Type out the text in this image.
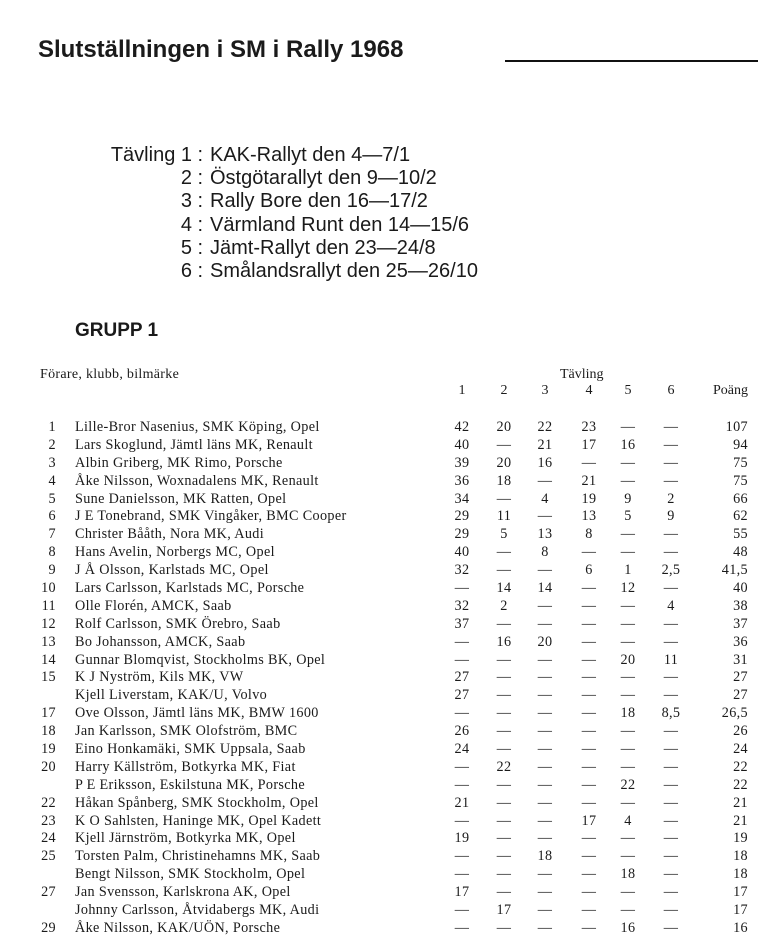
Slutställningen i SM i Rally 1968
Tävling 1 : KAK-Rallyt den 4—7/1
2 : Östgötarallyt den 9—10/2
3 : Rally Bore den 16—17/2
4 : Värmland Runt den 14—15/6
5 : Jämt-Rallyt den 23—24/8
6 : Smålandsrallyt den 25—26/10
GRUPP 1
Förare, klubb, bilmärke	Tävling
1	2	3	4	5	6	Poäng
1 Lille-Bror Nasenius, SMK Köping, Opel	42	20	22	23	—	—	107
2 Lars Skoglund, Jämtl läns MK, Renault	40	—	21	17	16	—	94
3 Albin Griberg, MK Rimo, Porsche	39	20	16	—	—	—	75
4 Åke Nilsson, Woxnadalens MK, Renault	36	18	—	21	—	—	75
5 Sune Danielsson, MK Ratten, Opel	34	—	4	19	9	2	66
6 J E Tonebrand, SMK Vingåker, BMC Cooper	29	11	—	13	5	9	62
7 Christer Bååth, Nora MK, Audi	29	5	13	8	—	—	55
8 Hans Avelin, Norbergs MC, Opel	40	—	8	—	—	—	48
9 J Å Olsson, Karlstads MC, Opel	32	—	—	6	1	2,5	41,5
10 Lars Carlsson, Karlstads MC, Porsche	—	14	14	—	12	—	40
11 Olle Florén, AMCK, Saab	32	2	—	—	—	4	38
12 Rolf Carlsson, SMK Örebro, Saab	37	—	—	—	—	—	37
13 Bo Johansson, AMCK, Saab	—	16	20	—	—	—	36
14 Gunnar Blomqvist, Stockholms BK, Opel	—	—	—	—	20	11	31
15 K J Nyström, Kils MK, VW	27	—	—	—	—	—	27
Kjell Liverstam, KAK/U, Volvo	27	—	—	—	—	—	27
17 Ove Olsson, Jämtl läns MK, BMW 1600	—	—	—	—	18	8,5	26,5
18 Jan Karlsson, SMK Olofström, BMC	26	—	—	—	—	—	26
19 Eino Honkamäki, SMK Uppsala, Saab	24	—	—	—	—	—	24
20 Harry Källström, Botkyrka MK, Fiat	—	22	—	—	—	—	22
P E Eriksson, Eskilstuna MK, Porsche	—	—	—	—	22	—	22
22 Håkan Spånberg, SMK Stockholm, Opel	21	—	—	—	—	—	21
23 K O Sahlsten, Haninge MK, Opel Kadett	—	—	—	17	4	—	21
24 Kjell Järnström, Botkyrka MK, Opel	19	—	—	—	—	—	19
25 Torsten Palm, Christinehamns MK, Saab	—	—	18	—	—	—	18
Bengt Nilsson, SMK Stockholm, Opel	—	—	—	—	18	—	18
27 Jan Svensson, Karlskrona AK, Opel	17	—	—	—	—	—	17
Johnny Carlsson, Åtvidabergs MK, Audi	—	17	—	—	—	—	17
29 Åke Nilsson, KAK/UÖN, Porsche	—	—	—	—	16	—	16
